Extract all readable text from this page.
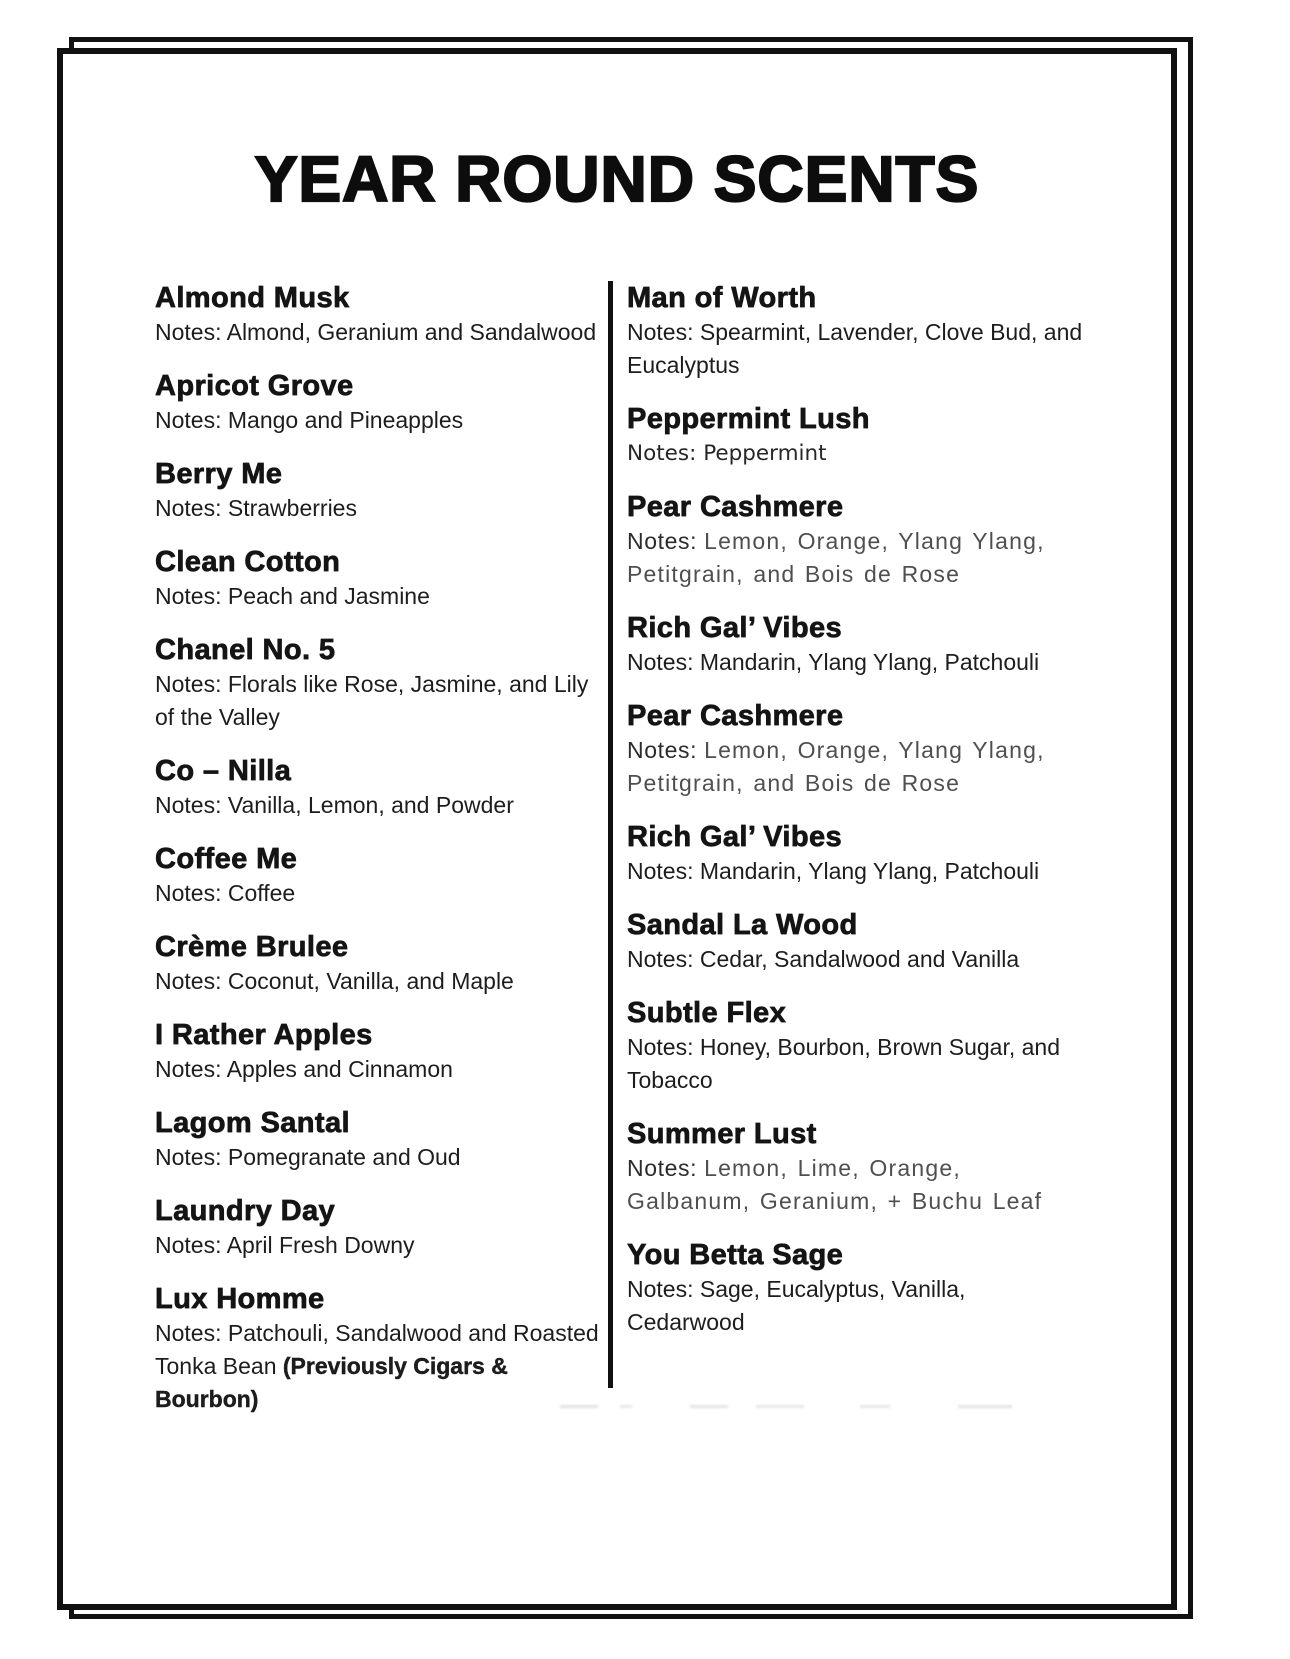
YEAR ROUND SCENTS
Almond Musk
Notes: Almond, Geranium and Sandalwood
Apricot Grove
Notes: Mango and Pineapples
Berry Me
Notes: Strawberries
Clean Cotton
Notes: Peach and Jasmine
Chanel No. 5
Notes: Florals like Rose, Jasmine, and Lily of the Valley
Co – Nilla
Notes: Vanilla, Lemon, and Powder
Coffee Me
Notes: Coffee
Crème Brulee
Notes: Coconut, Vanilla, and Maple
I Rather Apples
Notes: Apples and Cinnamon
Lagom Santal
Notes: Pomegranate and Oud
Laundry Day
Notes: April Fresh Downy
Lux Homme
Notes: Patchouli, Sandalwood and Roasted Tonka Bean (Previously Cigars & Bourbon)
Man of Worth
Notes: Spearmint, Lavender, Clove Bud, and Eucalyptus
Peppermint Lush
Notes: Peppermint
Pear Cashmere
Notes: Lemon, Orange, Ylang Ylang, Petitgrain, and Bois de Rose
Rich Gal’ Vibes
Notes: Mandarin, Ylang Ylang, Patchouli
Pear Cashmere
Notes: Lemon, Orange, Ylang Ylang, Petitgrain, and Bois de Rose
Rich Gal’ Vibes
Notes: Mandarin, Ylang Ylang, Patchouli
Sandal La Wood
Notes: Cedar, Sandalwood and Vanilla
Subtle Flex
Notes: Honey, Bourbon, Brown Sugar, and Tobacco
Summer Lust
Notes: Lemon, Lime, Orange, Galbanum, Geranium, + Buchu Leaf
You Betta Sage
Notes: Sage, Eucalyptus, Vanilla, Cedarwood
